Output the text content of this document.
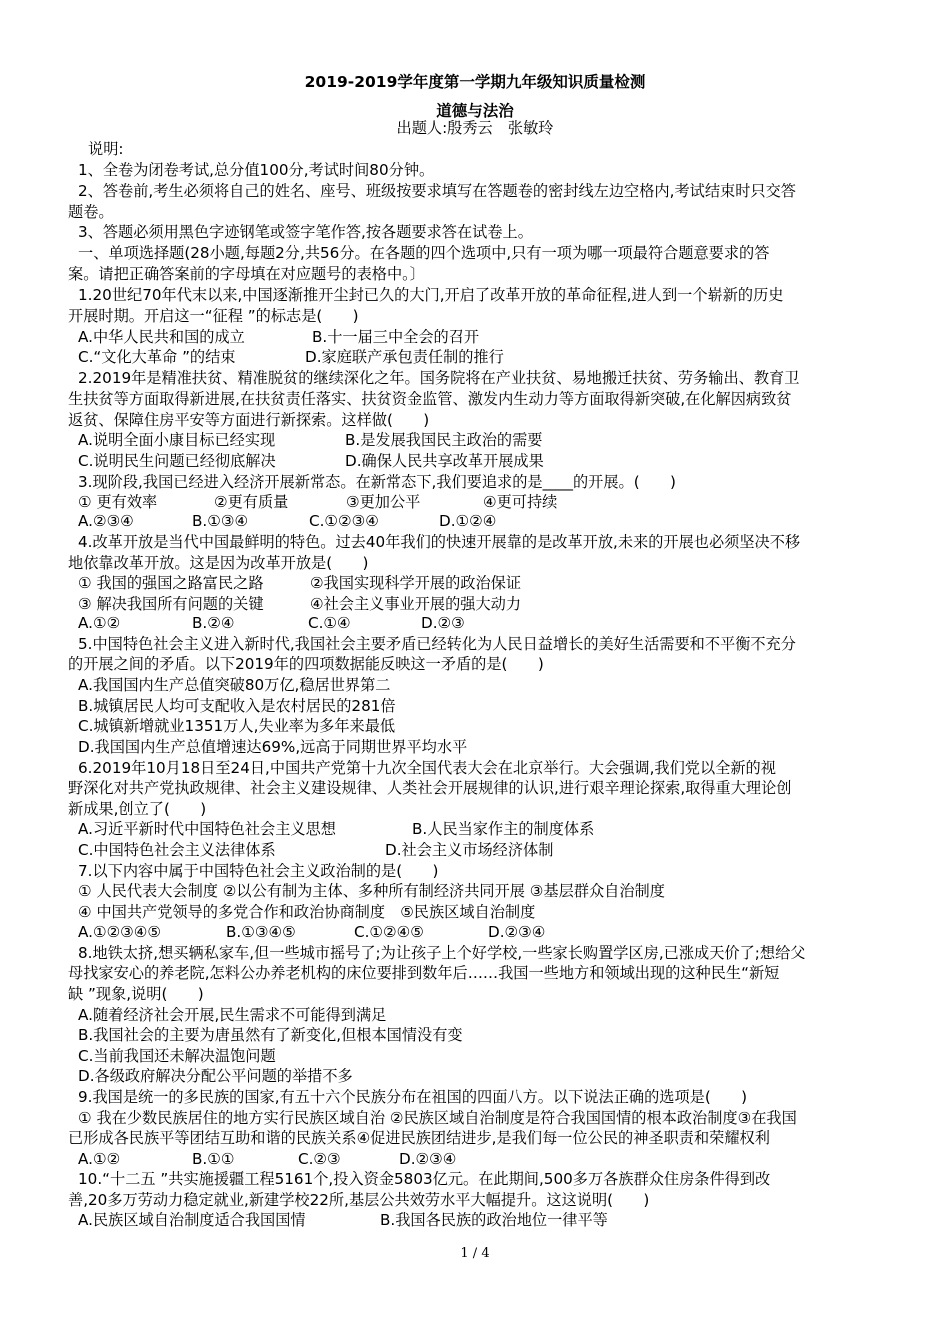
2019-2019学年度第一学期九年级知识质量检测
道德与法治
出题人:殷秀云　张敏玲
说明:
1、全卷为闭卷考试,总分值100分,考试时间80分钟。
2、答卷前,考生必须将自己的姓名、座号、班级按要求填写在答题卷的密封线左边空格内,考试结束时只交答
题卷。
3、答题必须用黑色字迹钢笔或签字笔作答,按各题要求答在试卷上。
一、单项选择题(28小题,每题2分,共56分。在各题的四个选项中,只有一项为哪一项最符合题意要求的答
案。请把正确答案前的字母填在对应题号的表格中。〕
1.20世纪70年代末以来,中国逐渐推开尘封已久的大门,开启了改革开放的革命征程,进人到一个崭新的历史
开展时期。开启这一“征程 ”的标志是(　　)
A.中华人民共和国的成立	B.十一届三中全会的召开
C.“文化大革命 ”的结束	D.家庭联产承包责任制的推行
2.2019年是精准扶贫、精准脱贫的继续深化之年。国务院将在产业扶贫、易地搬迁扶贫、劳务输出、教育卫
生扶贫等方面取得新进展,在扶贫责任落实、扶贫资金监管、激发内生动力等方面取得新突破,在化解因病致贫
返贫、保障住房平安等方面进行新探索。这样做(　　)
A.说明全面小康目标已经实现	B.是发展我国民主政治的需要
C.说明民生问题已经彻底解决	D.确保人民共享改革开展成果
3.现阶段,我国已经进入经济开展新常态。在新常态下,我们要追求的是____的开展。(　　)
① 更有效率	②更有质量	③更加公平	④更可持续
A.②③④	B.①③④	C.①②③④	D.①②④
4.改革开放是当代中国最鲜明的特色。过去40年我们的快速开展靠的是改革开放,未来的开展也必须坚决不移
地依靠改革开放。这是因为改革开放是(　　)
① 我国的强国之路富民之路	②我国实现科学开展的政治保证
③ 解决我国所有问题的关键	④社会主义事业开展的强大动力
A.①②	B.②④	C.①④	D.②③
5.中国特色社会主义进入新时代,我国社会主要矛盾已经转化为人民日益增长的美好生活需要和不平衡不充分
的开展之间的矛盾。以下2019年的四项数据能反映这一矛盾的是(　　)
A.我国国内生产总值突破80万亿,稳居世界第二
B.城镇居民人均可支配收入是农村居民的281倍
C.城镇新增就业1351万人,失业率为多年来最低
D.我国国内生产总值增速达69%,远高于同期世界平均水平
6.2019年10月18日至24日,中国共产党第十九次全国代表大会在北京举行。大会强调,我们党以全新的视
野深化对共产党执政规律、社会主义建设规律、人类社会开展规律的认识,进行艰辛理论探索,取得重大理论创
新成果,创立了(　　)
A.习近平新时代中国特色社会主义思想	B.人民当家作主的制度体系
C.中国特色社会主义法律体系	D.社会主义市场经济体制
7.以下内容中属于中国特色社会主义政治制的是(　　)
① 人民代表大会制度 ②以公有制为主体、多种所有制经济共同开展 ③基层群众自治制度
④ 中国共产党领导的多党合作和政治协商制度　⑤民族区域自治制度
A.①②③④⑤	B.①③④⑤	C.①②④⑤	D.②③④
8.地铁太挤,想买辆私家车,但一些城市摇号了;为让孩子上个好学校,一些家长购置学区房,已涨成天价了;想给父
母找家安心的养老院,怎料公办养老机构的床位要排到数年后……我国一些地方和领域出现的这种民生“新短
缺 ”现象,说明(　　)
A.随着经济社会开展,民生需求不可能得到满足
B.我国社会的主要为唐虽然有了新变化,但根本国情没有变
C.当前我国还未解决温饱问题
D.各级政府解决分配公平问题的举措不多
9.我国是统一的多民族的国家,有五十六个民族分布在祖国的四面八方。以下说法正确的选项是(　　)
① 我在少数民族居住的地方实行民族区域自治 ②民族区域自治制度是符合我国国情的根本政治制度③在我国
已形成各民族平等团结互助和谐的民族关系④促进民族团结进步,是我们每一位公民的神圣职责和荣耀权利
A.①②	B.①①	C.②③	D.②③④
10.“十二五 ”共实施援疆工程5161个,投入资金5803亿元。在此期间,500多万各族群众住房条件得到改
善,20多万劳动力稳定就业,新建学校22所,基层公共效劳水平大幅提升。这这说明(　　)
A.民族区域自治制度适合我国国情	B.我国各民族的政治地位一律平等
1 / 4
